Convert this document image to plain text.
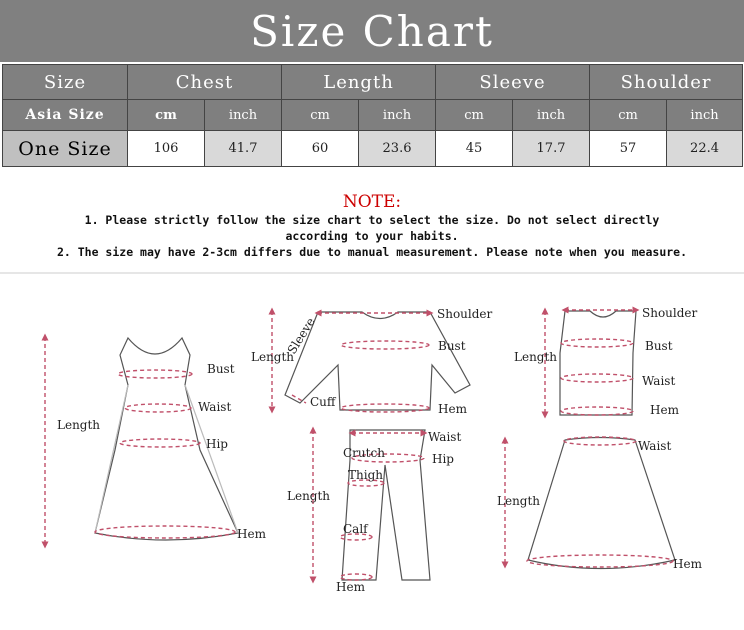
Size Chart
Size	Chest		Length		Sleeve		Shoulder	
Asia Size	cm	inch	cm	inch	cm	inch	cm	inch
One Size	106	41.7	60	23.6	45	17.7	57	22.4
NOTE:
1. Please strictly follow the size chart to select the size. Do not select directly
according to your habits.
2. The size may have 2-3cm differs due to manual measurement. Please note when you measure.
Length
Bust
Waist
Hip
Hem
Shoulder
Sleeve
Length
Bust
Cuff	Hem
Shoulder
Length
Bust
Waist
Hem
Waist
Crutch	Hip
Thigh
Length
Calf
Hem
Waist
Length
Hem
